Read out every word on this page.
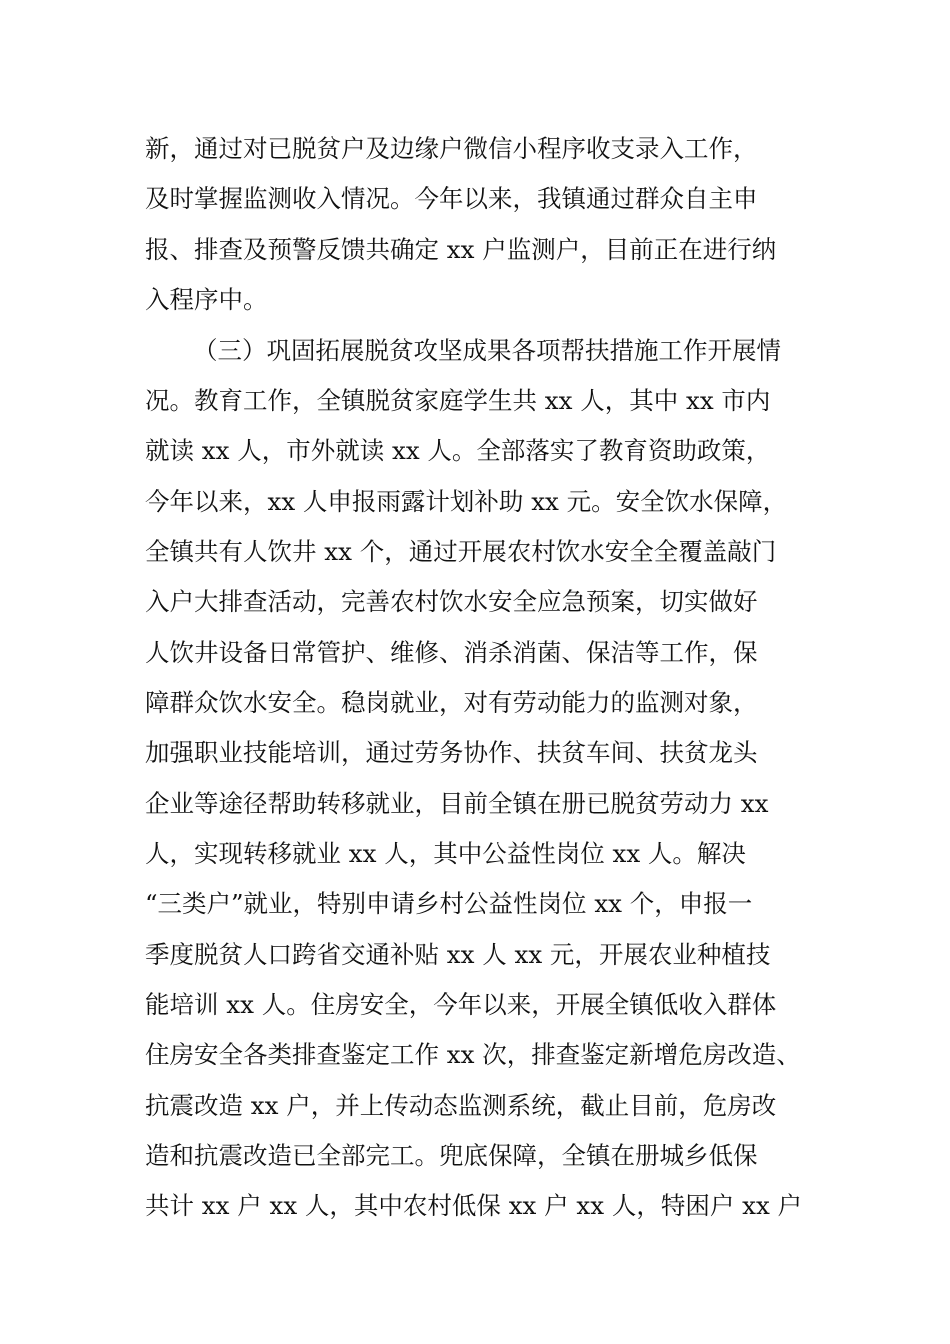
新，通过对已脱贫户及边缘户微信小程序收支录入工作，
及时掌握监测收入情况。今年以来，我镇通过群众自主申
报、排查及预警反馈共确定 xx 户监测户，目前正在进行纳
入程序中。
（三）巩固拓展脱贫攻坚成果各项帮扶措施工作开展情
况。教育工作，全镇脱贫家庭学生共 xx 人，其中 xx 市内
就读 xx 人，市外就读 xx 人。全部落实了教育资助政策，
今年以来，xx 人申报雨露计划补助 xx 元。安全饮水保障，
全镇共有人饮井 xx 个，通过开展农村饮水安全全覆盖敲门
入户大排查活动，完善农村饮水安全应急预案，切实做好
人饮井设备日常管护、维修、消杀消菌、保洁等工作，保
障群众饮水安全。稳岗就业，对有劳动能力的监测对象，
加强职业技能培训，通过劳务协作、扶贫车间、扶贫龙头
企业等途径帮助转移就业，目前全镇在册已脱贫劳动力 xx
人，实现转移就业 xx 人，其中公益性岗位 xx 人。解决
“三类户”就业，特别申请乡村公益性岗位 xx 个，申报一
季度脱贫人口跨省交通补贴 xx 人 xx 元，开展农业种植技
能培训 xx 人。住房安全，今年以来，开展全镇低收入群体
住房安全各类排查鉴定工作 xx 次，排查鉴定新增危房改造、
抗震改造 xx 户，并上传动态监测系统，截止目前，危房改
造和抗震改造已全部完工。兜底保障，全镇在册城乡低保
共计 xx 户 xx 人，其中农村低保 xx 户 xx 人，特困户 xx 户
